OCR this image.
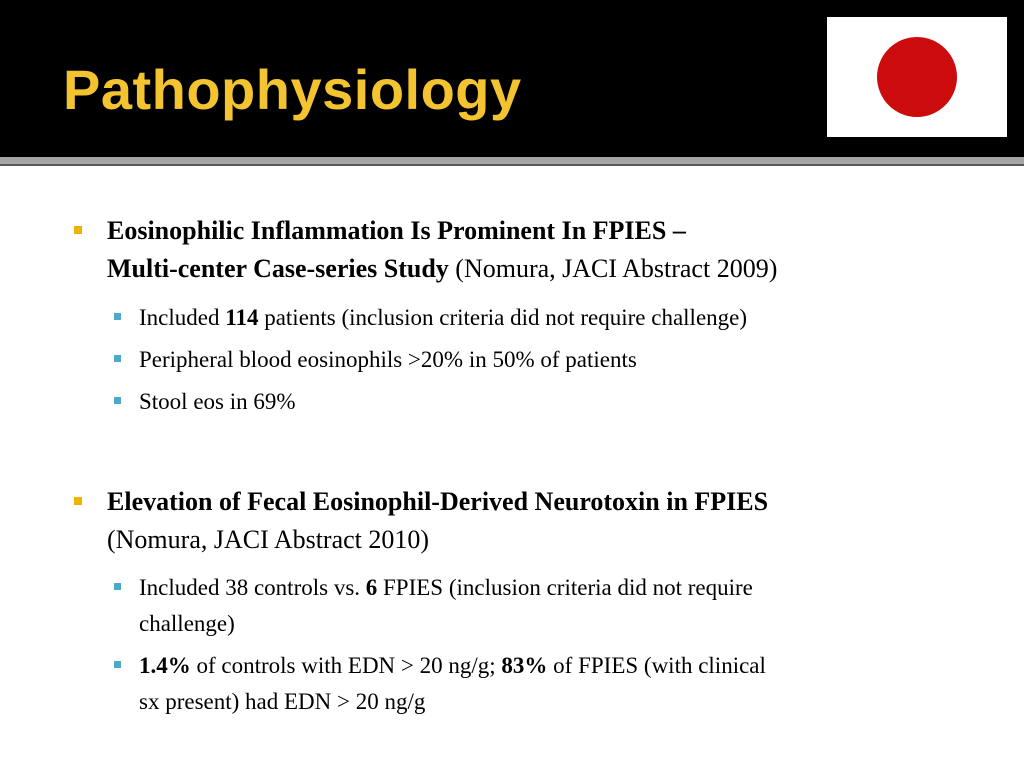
Pathophysiology
Eosinophilic Inflammation Is Prominent In FPIES –
Multi-center Case-series Study (Nomura, JACI Abstract 2009)
Included 114 patients (inclusion criteria did not require challenge)
Peripheral blood eosinophils >20% in 50% of patients
Stool eos in 69%
Elevation of Fecal Eosinophil-Derived Neurotoxin in FPIES
(Nomura, JACI Abstract 2010)
Included 38 controls vs. 6 FPIES (inclusion criteria did not require
challenge)
1.4% of controls with EDN > 20 ng/g; 83% of FPIES (with clinical
sx present) had EDN > 20 ng/g
